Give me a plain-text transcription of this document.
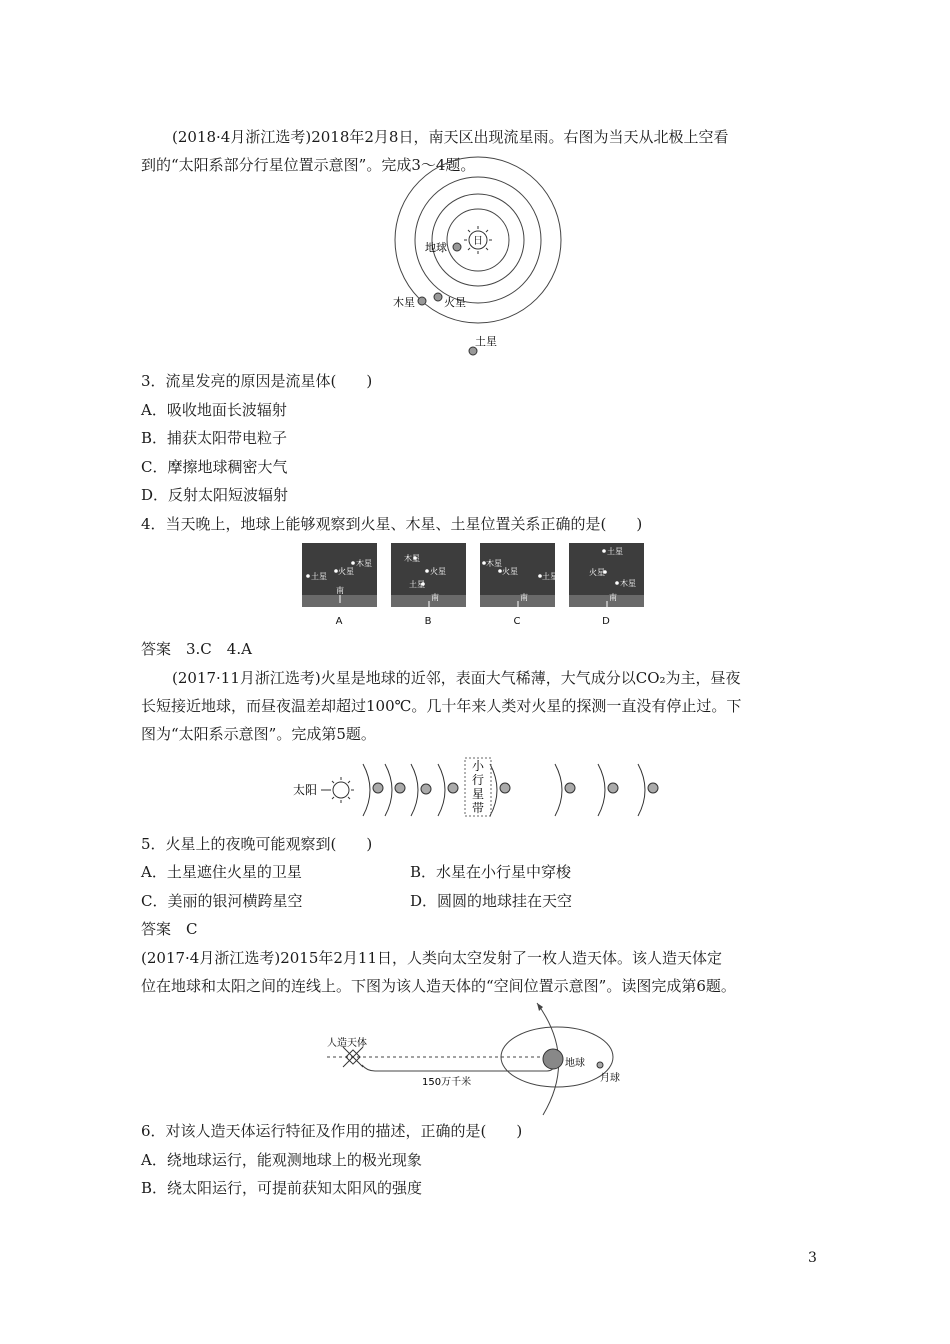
(2018·4月浙江选考)2018年2月8日，南天区出现流星雨。右图为当天从北极上空看
到的“太阳系部分行星位置示意图”。完成3～4题。
日
地球
木星	火星
土星
3．流星发亮的原因是流星体(　　)
A．吸收地面长波辐射
B．捕获太阳带电粒子
C．摩擦地球稠密大气
D．反射太阳短波辐射
4．当天晚上，地球上能够观察到火星、木星、土星位置关系正确的是(　　)
木星
火星
土星
南
A
木星
火星
土星
南
B
木星
火星
土星
南
C
土星
火星
木星
南
D
答案　3.C　4.A
(2017·11月浙江选考)火星是地球的近邻，表面大气稀薄，大气成分以CO₂为主，昼夜
长短接近地球，而昼夜温差却超过100℃。几十年来人类对火星的探测一直没有停止过。下
图为“太阳系示意图”。完成第5题。
太阳
小
行
星
带
5．火星上的夜晚可能观察到(　　)
A．土星遮住火星的卫星	B．水星在小行星中穿梭
C．美丽的银河横跨星空	D．圆圆的地球挂在天空
答案　C
(2017·4月浙江选考)2015年2月11日，人类向太空发射了一枚人造天体。该人造天体定
位在地球和太阳之间的连线上。下图为该人造天体的“空间位置示意图”。读图完成第6题。
人造天体
150万千米
地球
月球
6．对该人造天体运行特征及作用的描述，正确的是(　　)
A．绕地球运行，能观测地球上的极光现象
B．绕太阳运行，可提前获知太阳风的强度
3
